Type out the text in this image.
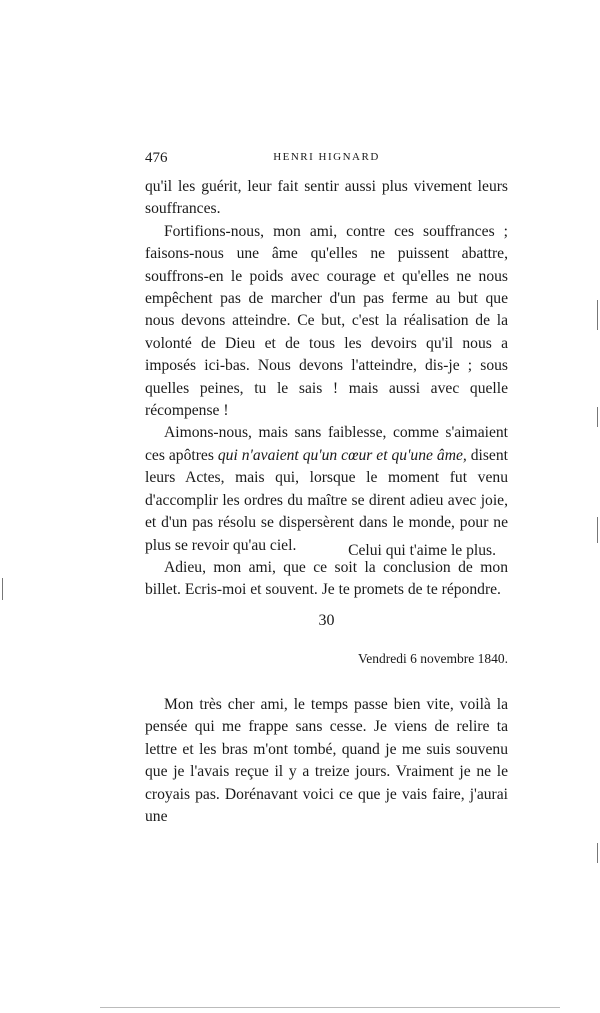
476	HENRI HIGNARD

qu'il les guérit, leur fait sentir aussi plus vivement leurs souffrances.

Fortifions-nous, mon ami, contre ces souffrances ; faisons-nous une âme qu'elles ne puissent abattre, souffrons-en le poids avec courage et qu'elles ne nous empêchent pas de marcher d'un pas ferme au but que nous devons atteindre. Ce but, c'est la réalisation de la volonté de Dieu et de tous les devoirs qu'il nous a imposés ici-bas. Nous devons l'atteindre, dis-je ; sous quelles peines, tu le sais ! mais aussi avec quelle récompense !

Aimons-nous, mais sans faiblesse, comme s'aimaient ces apôtres qui n'avaient qu'un cœur et qu'une âme, disent leurs Actes, mais qui, lorsque le moment fut venu d'accomplir les ordres du maître se dirent adieu avec joie, et d'un pas résolu se dispersèrent dans le monde, pour ne plus se revoir qu'au ciel.

Adieu, mon ami, que ce soit la conclusion de mon billet. Ecris-moi et souvent. Je te promets de te répondre.

Celui qui t'aime le plus.
30
Vendredi 6 novembre 1840.

Mon très cher ami, le temps passe bien vite, voilà la pensée qui me frappe sans cesse. Je viens de relire ta lettre et les bras m'ont tombé, quand je me suis souvenu que je l'avais reçue il y a treize jours. Vraiment je ne le croyais pas. Dorénavant voici ce que je vais faire, j'aurai une
